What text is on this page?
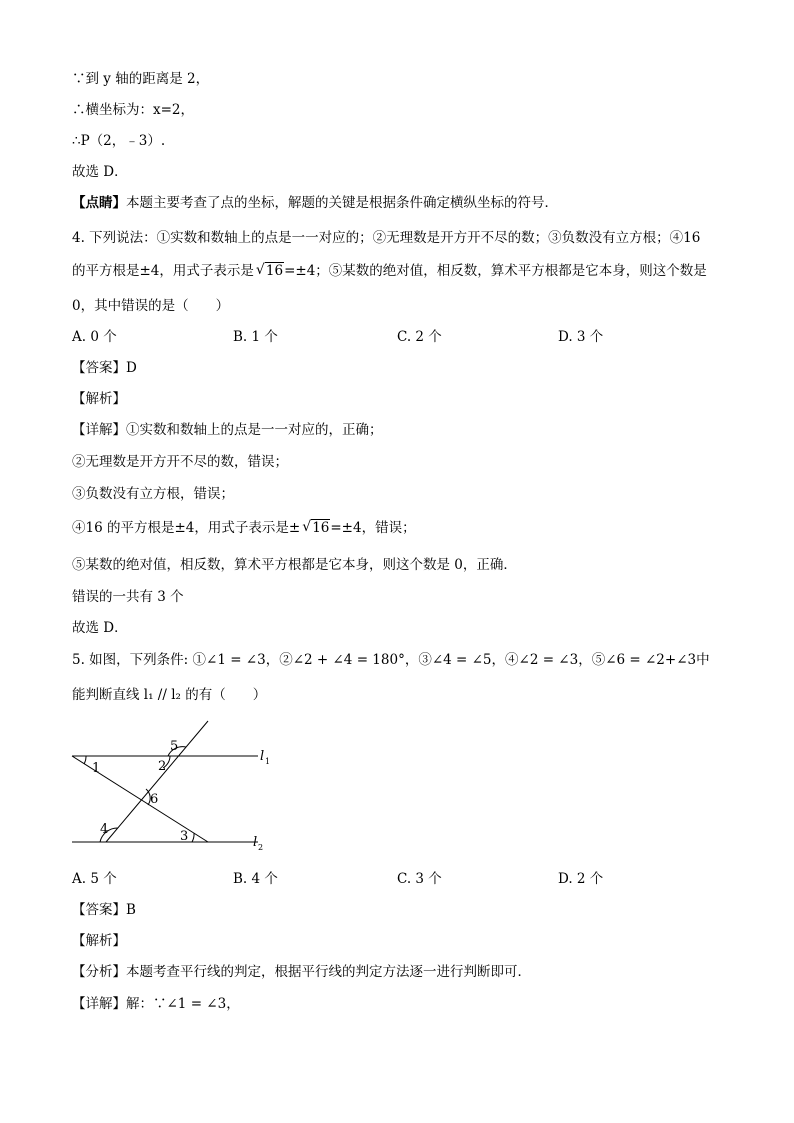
∵到 y 轴的距离是 2，
∴横坐标为：x=2，
∴P（2，﹣3）.
故选 D．
【点睛】本题主要考查了点的坐标，解题的关键是根据条件确定横纵坐标的符号．
4. 下列说法：①实数和数轴上的点是一一对应的；②无理数是开方开不尽的数；③负数没有立方根；④16
的平方根是±4，用式子表示是 √ 16=±4；⑤某数的绝对值，相反数，算术平方根都是它本身，则这个数是
0，其中错误的是（　　）
A. 0 个	B. 1 个	C. 2 个	D. 3 个
【答案】D
【解析】
【详解】①实数和数轴上的点是一一对应的，正确；
②无理数是开方开不尽的数，错误；
③负数没有立方根，错误；
④16 的平方根是±4，用式子表示是± √ 16=±4，错误；
⑤某数的绝对值，相反数，算术平方根都是它本身，则这个数是 0，正确．
错误的一共有 3 个
故选 D．
5. 如图，下列条件: ①∠1 = ∠3，②∠2 + ∠4 = 180°，③∠4 = ∠5，④∠2 = ∠3，⑤∠6 = ∠2+∠3中
能判断直线 l₁ // l₂ 的有（　　）
1	2
5
6
4	3
l 1
l 2
A. 5 个	B. 4 个	C. 3 个	D. 2 个
【答案】B
【解析】
【分析】本题考查平行线的判定，根据平行线的判定方法逐一进行判断即可．
【详解】解：∵∠1 = ∠3，
